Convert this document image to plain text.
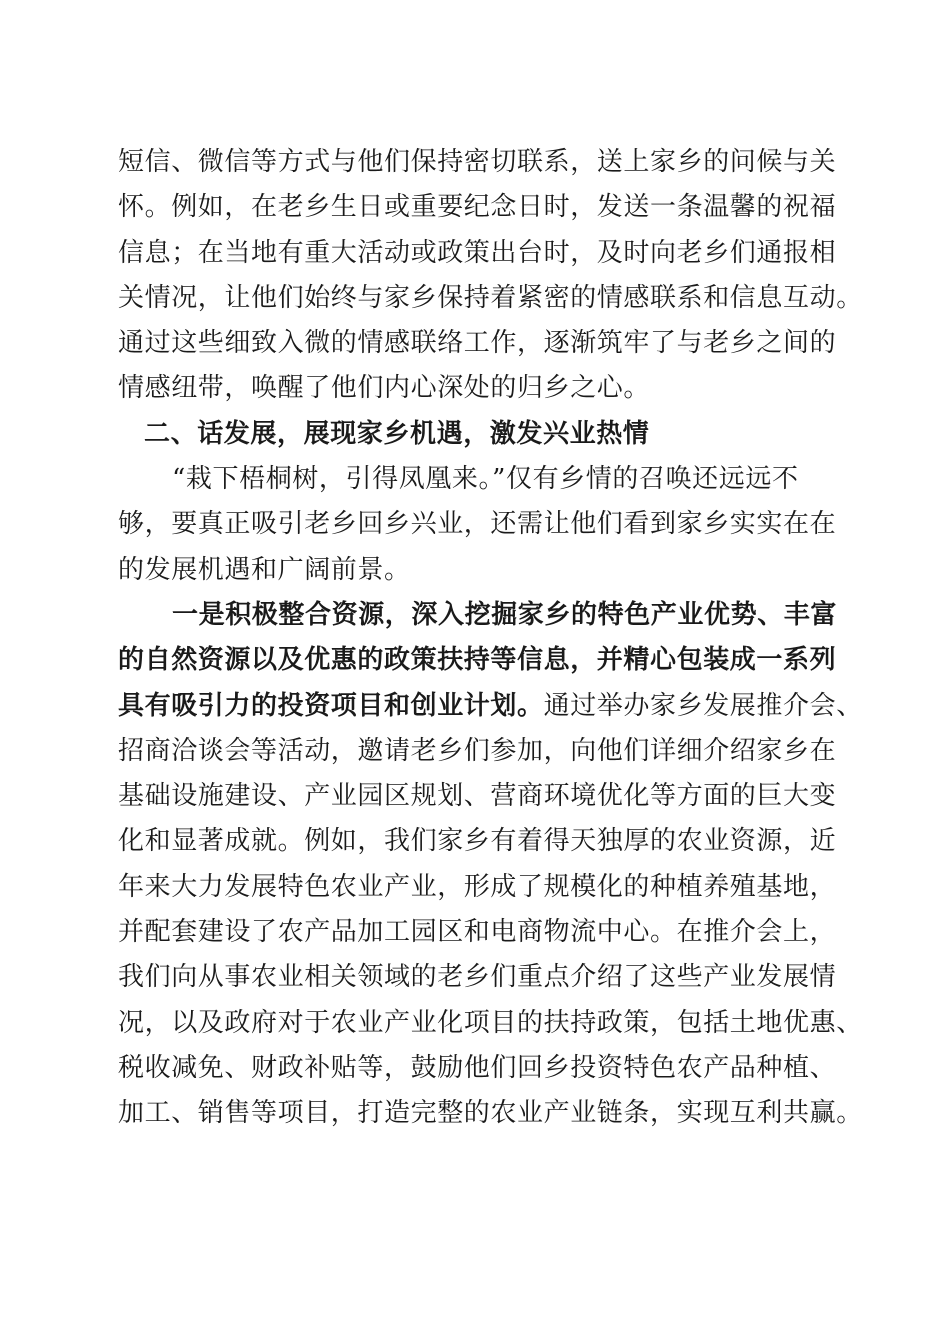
短信、微信等方式与他们保持密切联系，送上家乡的问候与关
怀。例如，在老乡生日或重要纪念日时，发送一条温馨的祝福
信息；在当地有重大活动或政策出台时，及时向老乡们通报相
关情况，让他们始终与家乡保持着紧密的情感联系和信息互动。
通过这些细致入微的情感联络工作，逐渐筑牢了与老乡之间的
情感纽带，唤醒了他们内心深处的归乡之心。
二、话发展，展现家乡机遇，激发兴业热情
“栽下梧桐树，引得凤凰来。”仅有乡情的召唤还远远不
够，要真正吸引老乡回乡兴业，还需让他们看到家乡实实在在
的发展机遇和广阔前景。
一是积极整合资源，深入挖掘家乡的特色产业优势、丰富
的自然资源以及优惠的政策扶持等信息，并精心包装成一系列
具有吸引力的投资项目和创业计划。通过举办家乡发展推介会、
招商洽谈会等活动，邀请老乡们参加，向他们详细介绍家乡在
基础设施建设、产业园区规划、营商环境优化等方面的巨大变
化和显著成就。例如，我们家乡有着得天独厚的农业资源，近
年来大力发展特色农业产业，形成了规模化的种植养殖基地，
并配套建设了农产品加工园区和电商物流中心。在推介会上，
我们向从事农业相关领域的老乡们重点介绍了这些产业发展情
况，以及政府对于农业产业化项目的扶持政策，包括土地优惠、
税收减免、财政补贴等，鼓励他们回乡投资特色农产品种植、
加工、销售等项目，打造完整的农业产业链条，实现互利共赢。
